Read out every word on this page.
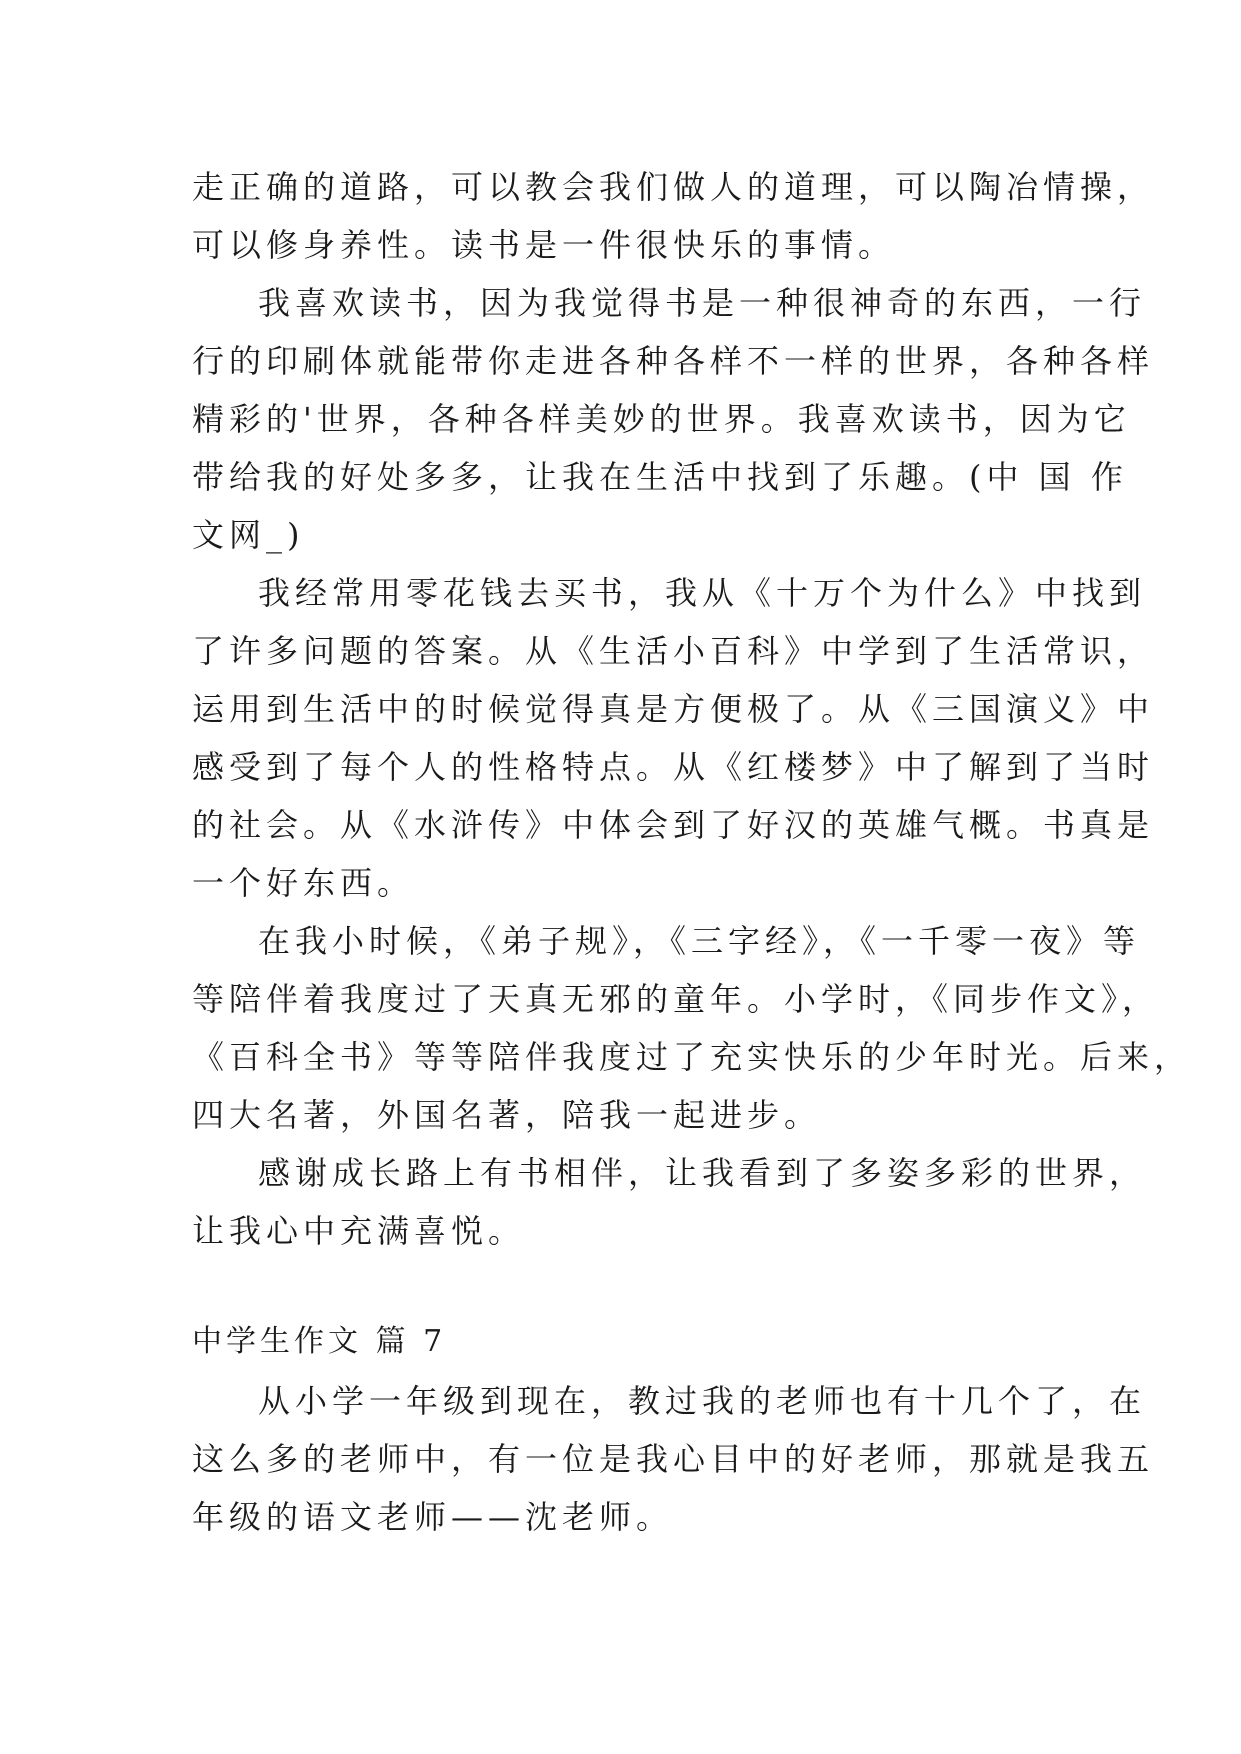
走正确的道路，可以教会我们做人的道理，可以陶冶情操，
可以修身养性。读书是一件很快乐的事情。
我喜欢读书，因为我觉得书是一种很神奇的东西，一行
行的印刷体就能带你走进各种各样不一样的世界，各种各样
精彩的'世界，各种各样美妙的世界。我喜欢读书，因为它
带给我的好处多多，让我在生活中找到了乐趣。(中 国 作
文网_)
我经常用零花钱去买书，我从《十万个为什么》中找到
了许多问题的答案。从《生活小百科》中学到了生活常识，
运用到生活中的时候觉得真是方便极了。从《三国演义》中
感受到了每个人的性格特点。从《红楼梦》中了解到了当时
的社会。从《水浒传》中体会到了好汉的英雄气概。书真是
一个好东西。
在我小时候，《弟子规》，《三字经》，《一千零一夜》等
等陪伴着我度过了天真无邪的童年。小学时，《同步作文》，
《百科全书》等等陪伴我度过了充实快乐的少年时光。后来，
四大名著，外国名著，陪我一起进步。
感谢成长路上有书相伴，让我看到了多姿多彩的世界，
让我心中充满喜悦。
中学生作文 篇 7
从小学一年级到现在，教过我的老师也有十几个了，在
这么多的老师中，有一位是我心目中的好老师，那就是我五
年级的语文老师——沈老师。
